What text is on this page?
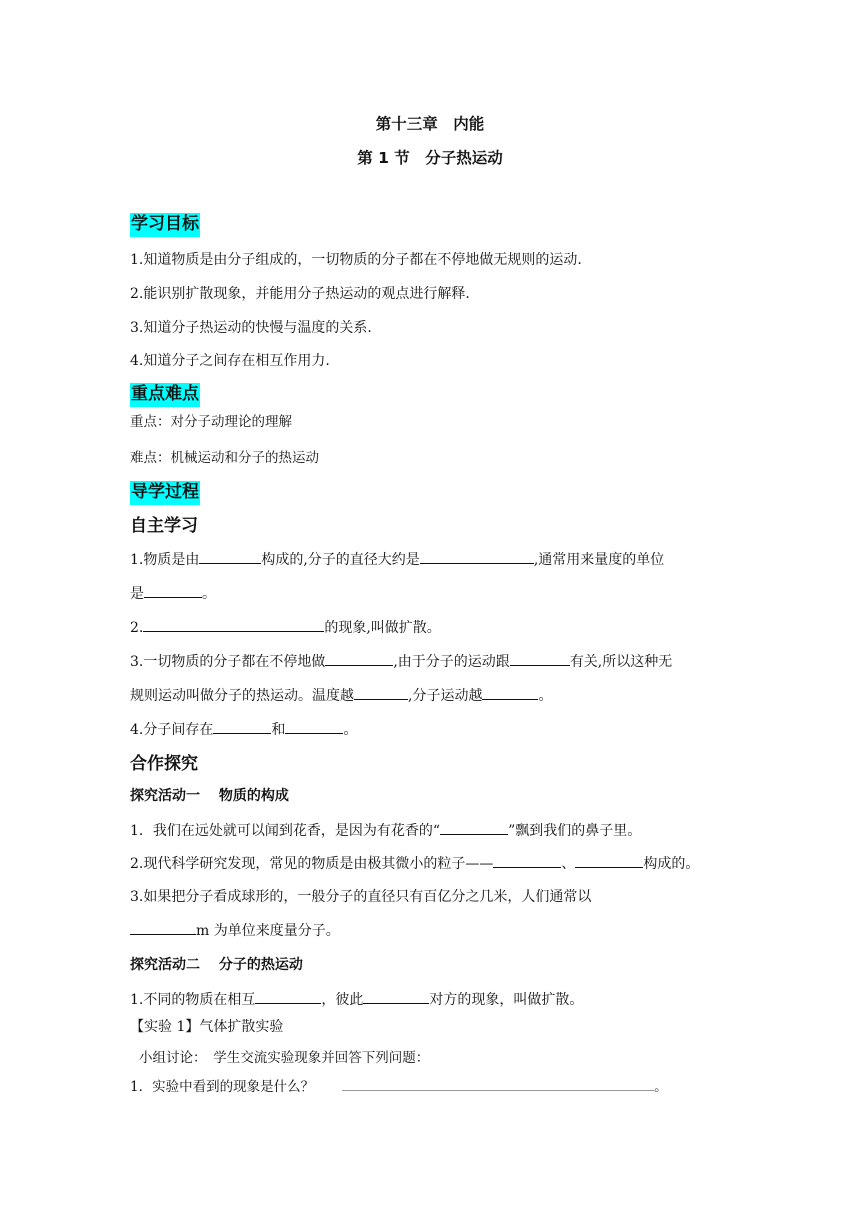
第十三章　内能
第 1 节　分子热运动
学习目标
1.知道物质是由分子组成的，一切物质的分子都在不停地做无规则的运动.
2.能识别扩散现象，并能用分子热运动的观点进行解释.
3.知道分子热运动的快慢与温度的关系.
4.知道分子之间存在相互作用力.
重点难点
重点：对分子动理论的理解
难点：机械运动和分子的热运动
导学过程
自主学习
1.物质是由	构成的,分子的直径大约是	,通常用来量度的单位
是	。
2.	的现象,叫做扩散。
3.一切物质的分子都在不停地做	,由于分子的运动跟	有关,所以这种无
规则运动叫做分子的热运动。温度越	,分子运动越	。
4.分子间存在	和	。
合作探究
探究活动一　 物质的构成
1．我们在远处就可以闻到花香，是因为有花香的“	”飘到我们的鼻子里。
2.现代科学研究发现，常见的物质是由极其微小的粒子——	、	构成的。
3.如果把分子看成球形的，一般分子的直径只有百亿分之几米，人们通常以
m 为单位来度量分子。
探究活动二　 分子的热运动
1.不同的物质在相互	，彼此	对方的现象，叫做扩散。
【实验 1】气体扩散实验
小组讨论：　学生交流实验现象并回答下列问题：
1．实验中看到的现象是什么？	。
